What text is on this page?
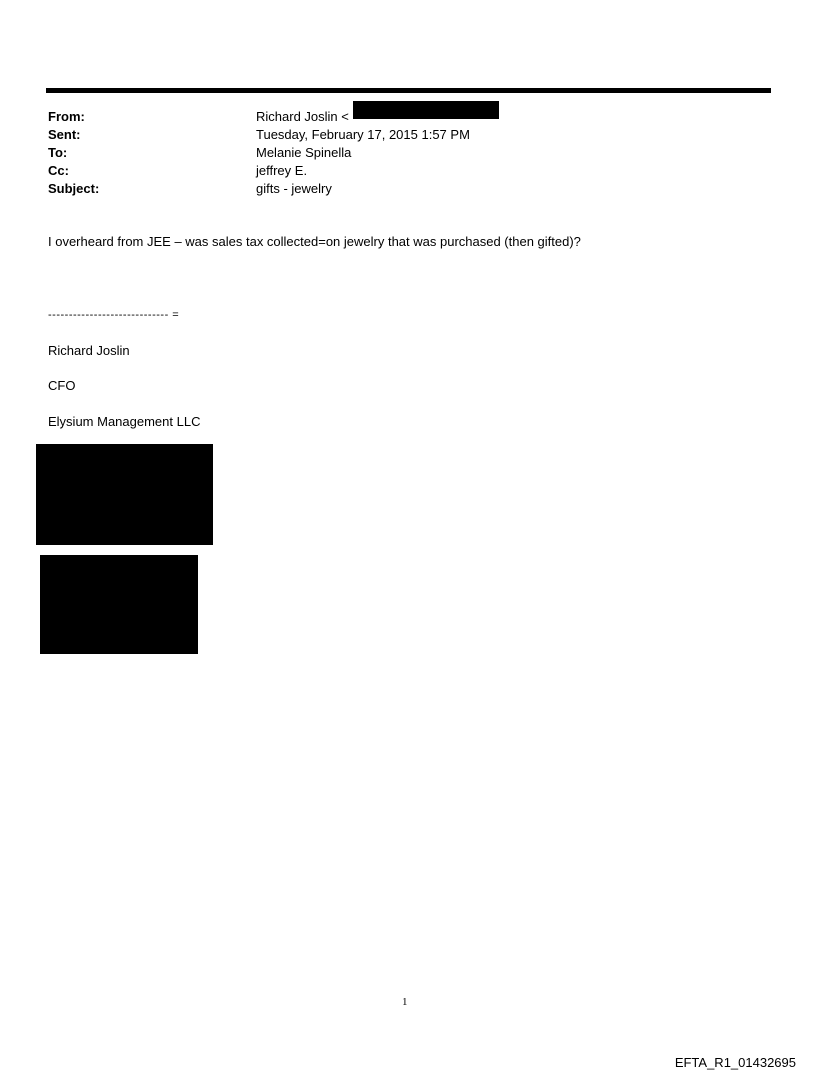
From:	Richard Joslin <
Sent:	Tuesday, February 17, 2015 1:57 PM
To:	Melanie Spinella
Cc:	jeffrey E.
Subject:	gifts - jewelry
I overheard from JEE – was sales tax collected=on jewelry that was purchased (then gifted)?
----------------------------- =
Richard Joslin
CFO
Elysium Management LLC
1
EFTA_R1_01432695
